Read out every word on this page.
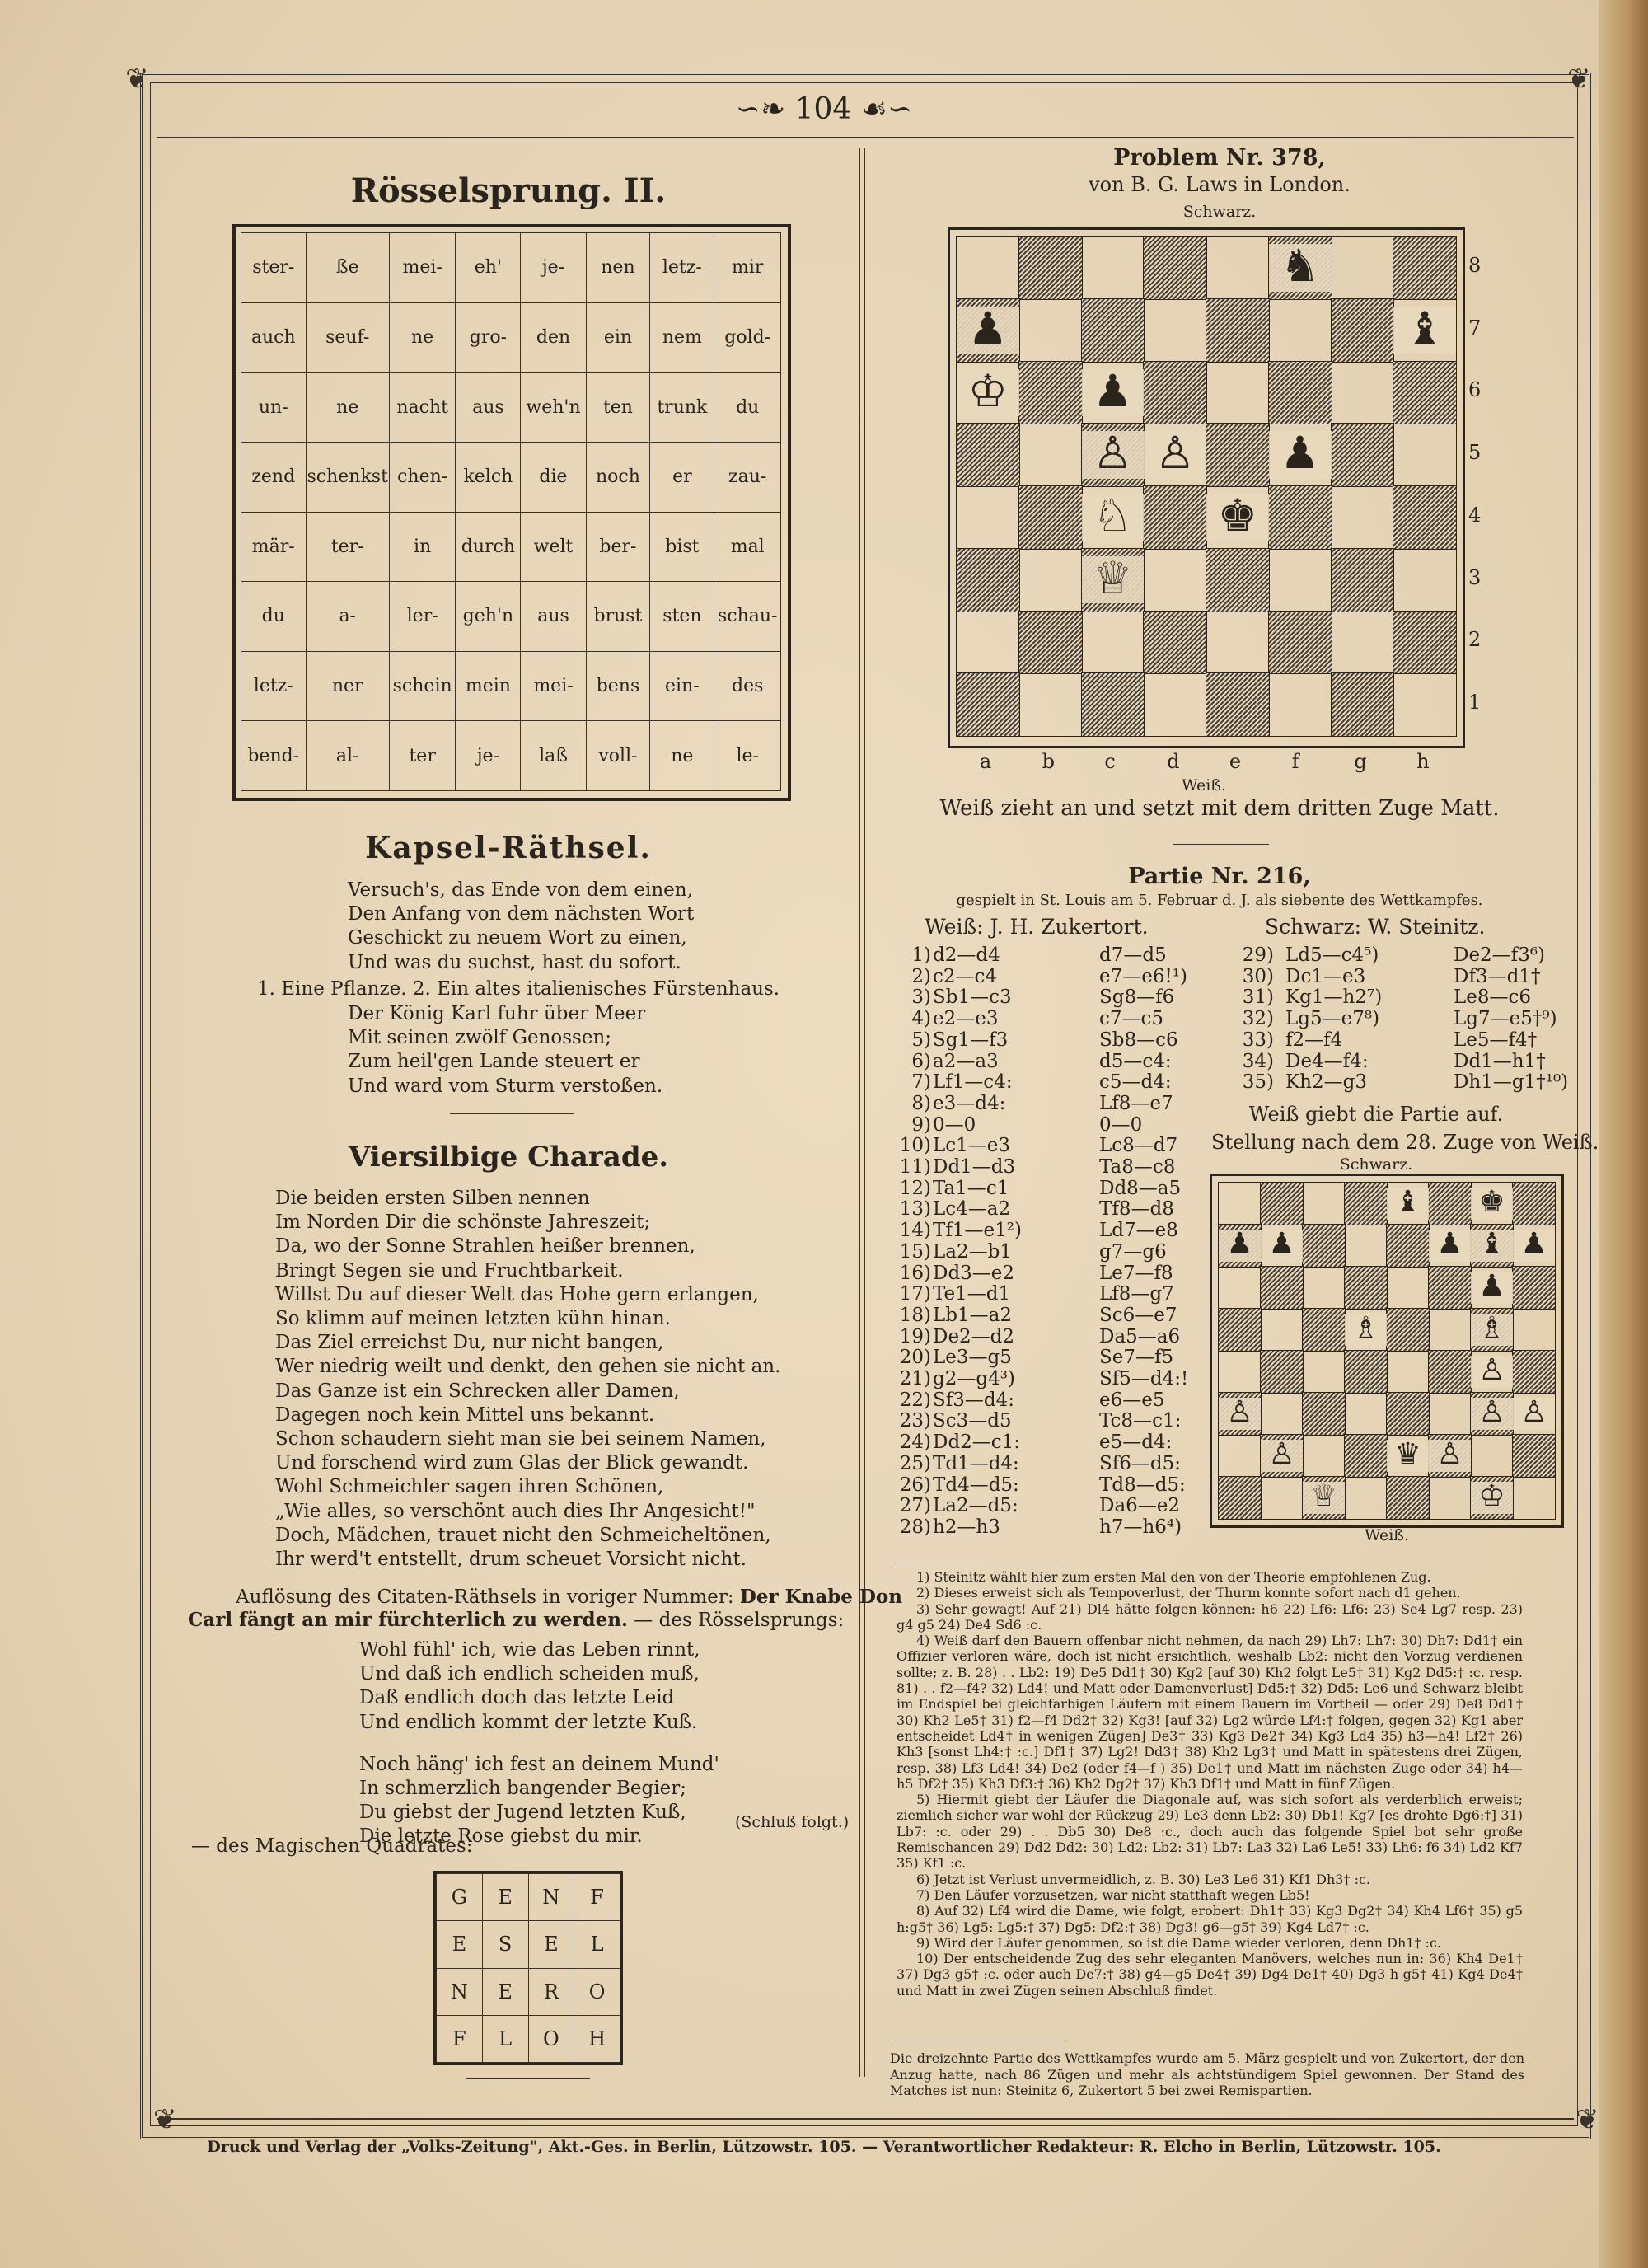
❦	❦
❦	❦
∽❧ 104 ☙∽
Rösselsprung. II.
ster-	ße	mei-	eh'	je-	nen	letz-	mir
auch	seuf-	ne	gro-	den	ein	nem	gold-
un-	ne	nacht	aus	weh'n	ten	trunk	du
zend	schenkst	chen-	kelch	die	noch	er	zau-
mär-	ter-	in	durch	welt	ber-	bist	mal
du	a-	ler-	geh'n	aus	brust	sten	schau-
letz-	ner	schein	mein	mei-	bens	ein-	des
bend-	al-	ter	je-	laß	voll-	ne	le-
Kapsel-Räthsel.
Versuch's, das Ende von dem einen,
Den Anfang von dem nächsten Wort
Geschickt zu neuem Wort zu einen,
Und was du suchst, hast du sofort.
1. Eine Pflanze. 2. Ein altes italienisches Fürstenhaus.
Der König Karl fuhr über Meer
Mit seinen zwölf Genossen;
Zum heil'gen Lande steuert er
Und ward vom Sturm verstoßen.
Viersilbige Charade.
Die beiden ersten Silben nennen
Im Norden Dir die schönste Jahreszeit;
Da, wo der Sonne Strahlen heißer brennen,
Bringt Segen sie und Fruchtbarkeit.
Willst Du auf dieser Welt das Hohe gern erlangen,
So klimm auf meinen letzten kühn hinan.
Das Ziel erreichst Du, nur nicht bangen,
Wer niedrig weilt und denkt, den gehen sie nicht an.
Das Ganze ist ein Schrecken aller Damen,
Dagegen noch kein Mittel uns bekannt.
Schon schaudern sieht man sie bei seinem Namen,
Und forschend wird zum Glas der Blick gewandt.
Wohl Schmeichler sagen ihren Schönen,
„Wie alles, so verschönt auch dies Ihr Angesicht!"
Doch, Mädchen, trauet nicht den Schmeicheltönen,
Ihr werd't entstellt, drum scheuet Vorsicht nicht.
Auflösung des Citaten-Räthsels in voriger Nummer: Der Knabe Don
Carl fängt an mir fürchterlich zu werden. — des Rösselsprungs:
Wohl fühl' ich, wie das Leben rinnt,
Und daß ich endlich scheiden muß,
Daß endlich doch das letzte Leid
Und endlich kommt der letzte Kuß.

Noch häng' ich fest an deinem Mund'
In schmerzlich bangender Begier;
Du giebst der Jugend letzten Kuß,
Die letzte Rose giebst du mir.
(Schluß folgt.)
— des Magischen Quadrates:
G	E	N	F
E	S	E	L
N	E	R	O
F	L	O	H
Problem Nr. 378,
von B. G. Laws in London.
Schwarz.
♞
♟	♝
♔ ♟
♙ ♙ ♟
♘ ♚
♕
8
7
6
5
4
3
2
1
a	b	c	d	e	f	g	h
Weiß.
Weiß zieht an und setzt mit dem dritten Zuge Matt.
Partie Nr. 216,
gespielt in St. Louis am 5. Februar d. J. als siebente des Wettkampfes.
Weiß: J. H. Zukertort.	Schwarz: W. Steinitz.
1) d2—d4	d7—d5
2) c2—c4	e7—e6!¹)
3) Sb1—c3	Sg8—f6
4) e2—e3	c7—c5
5) Sg1—f3	Sb8—c6
6) a2—a3	d5—c4:
7) Lf1—c4:	c5—d4:
8) e3—d4:	Lf8—e7
9) 0—0	0—0
10) Lc1—e3	Lc8—d7
11) Dd1—d3	Ta8—c8
12) Ta1—c1	Dd8—a5
13) Lc4—a2	Tf8—d8
14) Tf1—e1²)	Ld7—e8
15) La2—b1	g7—g6
16) Dd3—e2	Le7—f8
17) Te1—d1	Lf8—g7
18) Lb1—a2	Sc6—e7
19) De2—d2	Da5—a6
20) Le3—g5	Se7—f5
21) g2—g4³)	Sf5—d4:!
22) Sf3—d4:	e6—e5
23) Sc3—d5	Tc8—c1:
24) Dd2—c1:	e5—d4:
25) Td1—d4:	Sf6—d5:
26) Td4—d5:	Td8—d5:
27) La2—d5:	Da6—e2
28) h2—h3	h7—h6⁴)
29) Ld5—c4⁵)	De2—f3⁶)
30) Dc1—e3	Df3—d1†
31) Kg1—h2⁷)	Le8—c6
32) Lg5—e7⁸)	Lg7—e5†⁹)
33) f2—f4	Le5—f4†
34) De4—f4:	Dd1—h1†
35) Kh2—g3	Dh1—g1†¹⁰)
Weiß giebt die Partie auf.
Stellung nach dem 28. Zuge von Weiß.
Schwarz.
♝ ♚
♟ ♟	♟ ♝ ♟
♟
♗	♗
♙
♙	♙ ♙
♙	♛ ♙
♕	♔
Weiß.

1) Steinitz wählt hier zum ersten Mal den von der Theorie empfohlenen Zug.

2) Dieses erweist sich als Tempoverlust, der Thurm konnte sofort nach d1 gehen.

3) Sehr gewagt! Auf 21) Dl4 hätte folgen können: h6 22) Lf6: Lf6: 23) Se4 Lg7 resp. 23) g4 g5 24) De4 Sd6 :c.

4) Weiß darf den Bauern offenbar nicht nehmen, da nach 29) Lh7: Lh7: 30) Dh7: Dd1† ein Offizier verloren wäre, doch ist nicht ersichtlich, weshalb Lb2: nicht den Vorzug verdienen sollte; z. B. 28) . . Lb2: 19) De5 Dd1† 30) Kg2 [auf 30) Kh2 folgt Le5† 31) Kg2 Dd5:† :c. resp. 81) . . f2—f4? 32) Ld4! und Matt oder Damenverlust] Dd5:† 32) Dd5: Le6 und Schwarz bleibt im Endspiel bei gleichfarbigen Läufern mit einem Bauern im Vortheil — oder 29) De8 Dd1† 30) Kh2 Le5† 31) f2—f4 Dd2† 32) Kg3! [auf 32) Lg2 würde Lf4:† folgen, gegen 32) Kg1 aber entscheidet Ld4† in wenigen Zügen] De3† 33) Kg3 De2† 34) Kg3 Ld4 35) h3—h4! Lf2† 26) Kh3 [sonst Lh4:† :c.] Df1† 37) Lg2! Dd3† 38) Kh2 Lg3† und Matt in spätestens drei Zügen, resp. 38) Lf3 Ld4! 34) De2 (oder f4—f ) 35) De1† und Matt im nächsten Zuge oder 34) h4—h5 Df2† 35) Kh3 Df3:† 36) Kh2 Dg2† 37) Kh3 Df1† und Matt in fünf Zügen.

5) Hiermit giebt der Läufer die Diagonale auf, was sich sofort als verderblich erweist; ziemlich sicher war wohl der Rückzug 29) Le3 denn Lb2: 30) Db1! Kg7 [es drohte Dg6:†] 31) Lb7: :c. oder 29) . . Db5 30) De8 :c., doch auch das folgende Spiel bot sehr große Remischancen 29) Dd2 Dd2: 30) Ld2: Lb2: 31) Lb7: La3 32) La6 Le5! 33) Lh6: f6 34) Ld2 Kf7 35) Kf1 :c.

6) Jetzt ist Verlust unvermeidlich, z. B. 30) Le3 Le6 31) Kf1 Dh3† :c.

7) Den Läufer vorzusetzen, war nicht statthaft wegen Lb5!

8) Auf 32) Lf4 wird die Dame, wie folgt, erobert: Dh1† 33) Kg3 Dg2† 34) Kh4 Lf6† 35) g5 h:g5† 36) Lg5: Lg5:† 37) Dg5: Df2:† 38) Dg3! g6—g5† 39) Kg4 Ld7† :c.

9) Wird der Läufer genommen, so ist die Dame wieder verloren, denn Dh1† :c.

10) Der entscheidende Zug des sehr eleganten Manövers, welches nun in: 36) Kh4 De1† 37) Dg3 g5† :c. oder auch De7:† 38) g4—g5 De4† 39) Dg4 De1† 40) Dg3 h g5† 41) Kg4 De4† und Matt in zwei Zügen seinen Abschluß findet.

Die dreizehnte Partie des Wettkampfes wurde am 5. März gespielt und von Zukertort, der den Anzug hatte, nach 86 Zügen und mehr als achtstündigem Spiel gewonnen. Der Stand des Matches ist nun: Steinitz 6, Zukertort 5 bei zwei Remispartien.
Druck und Verlag der „Volks-Zeitung", Akt.-Ges. in Berlin, Lützowstr. 105. — Verantwortlicher Redakteur: R. Elcho in Berlin, Lützowstr. 105.
